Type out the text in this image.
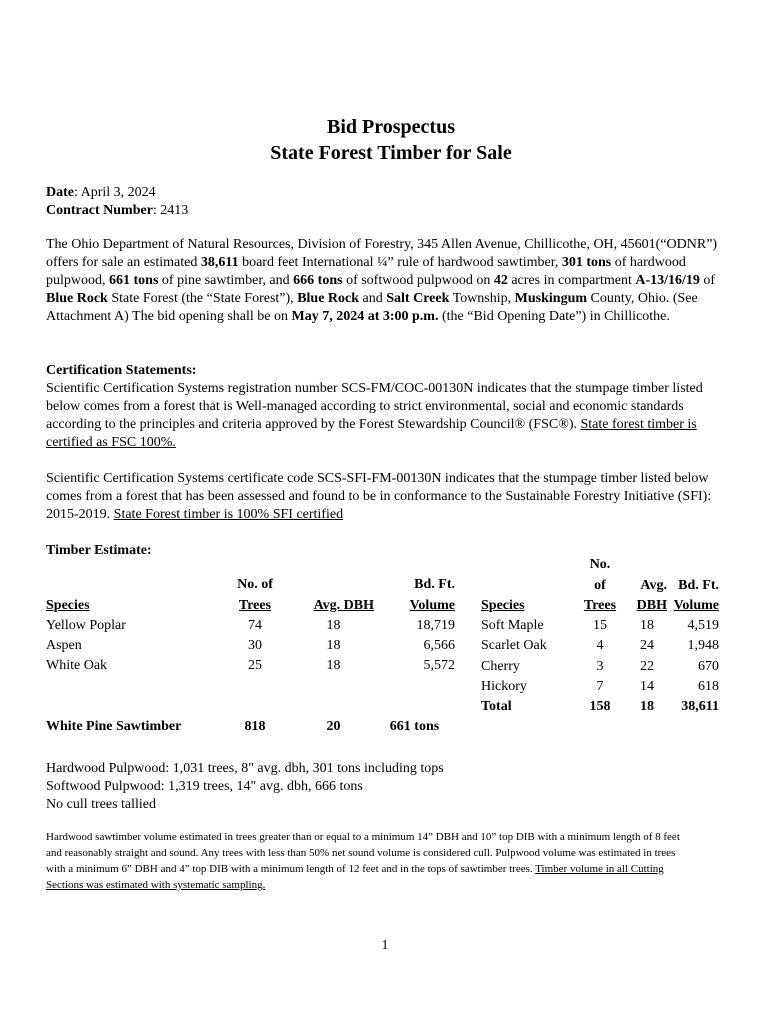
Bid Prospectus
State Forest Timber for Sale
Date: April 3, 2024
Contract Number: 2413
The Ohio Department of Natural Resources, Division of Forestry, 345 Allen Avenue, Chillicothe, OH, 45601(“ODNR”) offers for sale an estimated 38,611 board feet International ¼” rule of hardwood sawtimber, 301 tons of hardwood pulpwood, 661 tons of pine sawtimber, and 666 tons of softwood pulpwood on 42 acres in compartment A-13/16/19 of Blue Rock State Forest (the “State Forest”), Blue Rock and Salt Creek Township, Muskingum County, Ohio. (See Attachment A) The bid opening shall be on May 7, 2024 at 3:00 p.m. (the “Bid Opening Date”) in Chillicothe.
Certification Statements:
Scientific Certification Systems registration number SCS-FM/COC-00130N indicates that the stumpage timber listed below comes from a forest that is Well-managed according to strict environmental, social and economic standards according to the principles and criteria approved by the Forest Stewardship Council® (FSC®). State forest timber is certified as FSC 100%.
Scientific Certification Systems certificate code SCS-SFI-FM-00130N indicates that the stumpage timber listed below comes from a forest that has been assessed and found to be in conformance to the Sustainable Forestry Initiative (SFI): 2015-2019. State Forest timber is 100% SFI certified
Timber Estimate:
	No. of		Bd. Ft.
Species	Trees	Avg. DBH	Volume
Yellow Poplar	74	18	18,719
Aspen	30	18	6,566
White Oak	25	18	5,572

White Pine Sawtimber	818	20	661 tons
	No.		
	of	Avg.	Bd. Ft.
Species	Trees	DBH	Volume
Soft Maple	15	18	4,519
Scarlet Oak	4	24	1,948
Cherry	3	22	670
Hickory	7	14	618
Total	158	18	38,611
Hardwood Pulpwood: 1,031 trees, 8" avg. dbh, 301 tons including tops
Softwood Pulpwood: 1,319 trees, 14" avg. dbh, 666 tons
No cull trees tallied
Hardwood sawtimber volume estimated in trees greater than or equal to a minimum 14” DBH and 10” top DIB with a minimum length of 8 feet and reasonably straight and sound. Any trees with less than 50% net sound volume is considered cull. Pulpwood volume was estimated in trees with a minimum 6” DBH and 4” top DIB with a minimum length of 12 feet and in the tops of sawtimber trees. Timber volume in all Cutting Sections was estimated with systematic sampling.
1
